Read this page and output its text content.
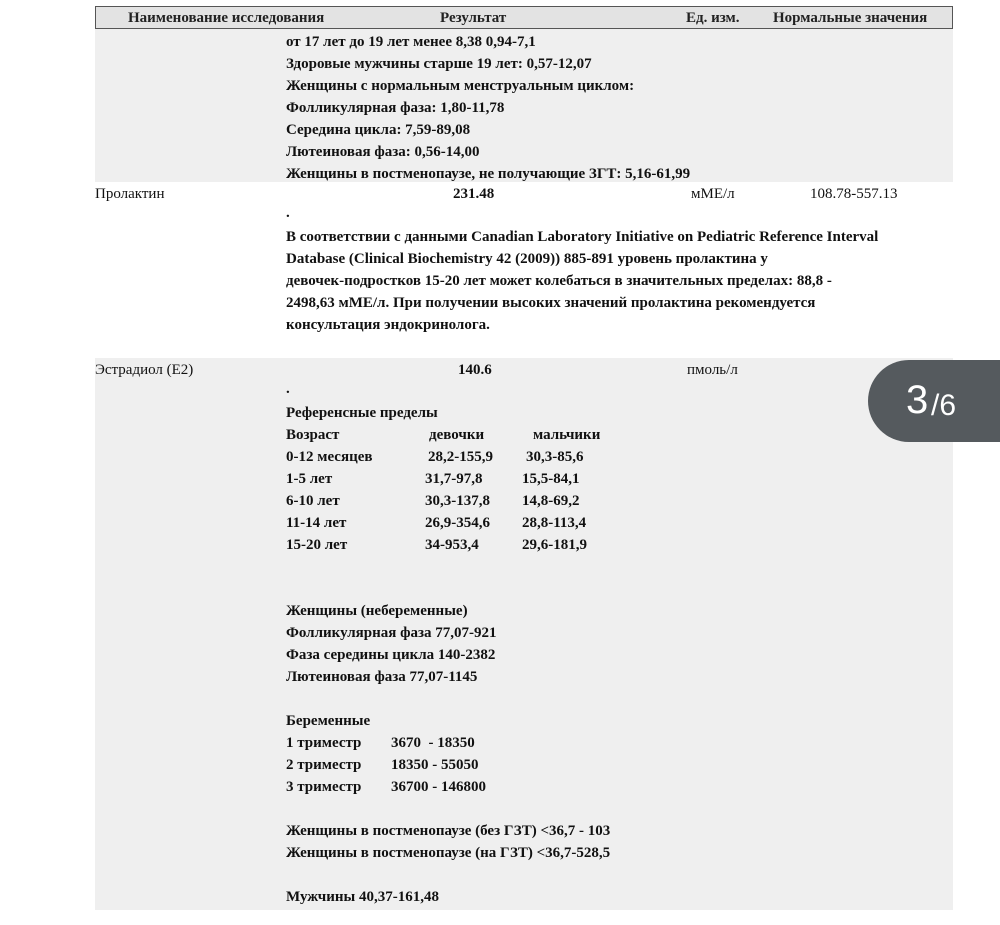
Наименование исследования	Результат	Ед. изм. Нормальные значения
от 17 лет до 19 лет менее 8,38 0,94-7,1
Здоровые мужчины старше 19 лет: 0,57-12,07
Женщины с нормальным менструальным циклом:
Фолликулярная фаза: 1,80-11,78
Середина цикла: 7,59-89,08
Лютеиновая фаза: 0,56-14,00
Женщины в постменопаузе, не получающие ЗГТ: 5,16-61,99
Пролактин	231.48	мМЕ/л	108.78-557.13
.
В соответствии с данными Canadian Laboratory Initiative on Pediatric Reference Interval
Database (Clinical Biochemistry 42 (2009)) 885-891 уровень пролактина у
девочек-подростков 15-20 лет может колебаться в значительных пределах: 88,8 -
2498,63 мМЕ/л. При получении высоких значений пролактина рекомендуется
консультация эндокринолога.
Эстрадиол (Е2)	140.6	пмоль/л
.
Референсные пределы
Возраст	девочки	мальчики
0-12 месяцев	28,2-155,9 30,3-85,6
1-5 лет	31,7-97,8	15,5-84,1
6-10 лет	30,3-137,8 14,8-69,2
11-14 лет	26,9-354,6 28,8-113,4
15-20 лет	34-953,4	29,6-181,9
Женщины (небеременные)
Фолликулярная фаза 77,07-921
Фаза середины цикла 140-2382
Лютеиновая фаза 77,07-1145
Беременные
1 триместр 3670  - 18350
2 триместр 18350 - 55050
3 триместр 36700 - 146800
Женщины в постменопаузе (без ГЗТ) <36,7 - 103
Женщины в постменопаузе (на ГЗТ) <36,7-528,5
Мужчины 40,37-161,48
3 /6
